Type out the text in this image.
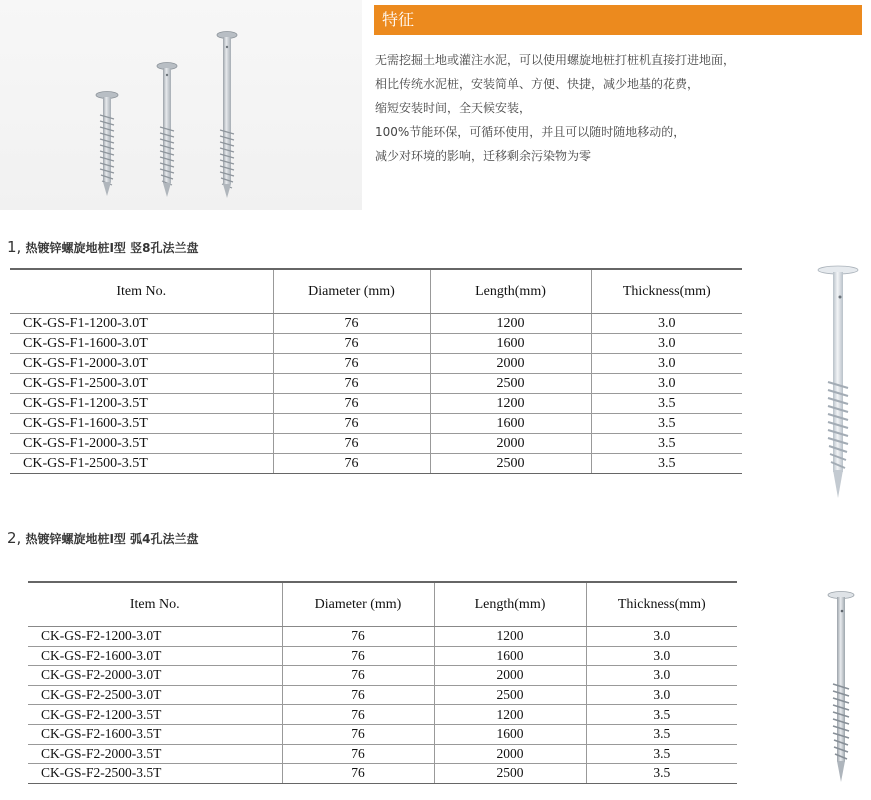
特征
无需挖掘土地或灌注水泥，可以使用螺旋地桩打桩机直接打进地面，
相比传统水泥桩，安装简单、方便、快捷，减少地基的花费，
缩短安装时间，全天候安装，
100%节能环保，可循环使用，并且可以随时随地移动的，
减少对环境的影响，迁移剩余污染物为零
1, 热镀锌螺旋地桩I型 竖8孔法兰盘
Item No.	Diameter (mm)	Length(mm)	Thickness(mm)
CK-GS-F1-1200-3.0T	76	1200	3.0
CK-GS-F1-1600-3.0T	76	1600	3.0
CK-GS-F1-2000-3.0T	76	2000	3.0
CK-GS-F1-2500-3.0T	76	2500	3.0
CK-GS-F1-1200-3.5T	76	1200	3.5
CK-GS-F1-1600-3.5T	76	1600	3.5
CK-GS-F1-2000-3.5T	76	2000	3.5
CK-GS-F1-2500-3.5T	76	2500	3.5
2, 热镀锌螺旋地桩I型 弧4孔法兰盘
Item No.	Diameter (mm)	Length(mm)	Thickness(mm)
CK-GS-F2-1200-3.0T	76	1200	3.0
CK-GS-F2-1600-3.0T	76	1600	3.0
CK-GS-F2-2000-3.0T	76	2000	3.0
CK-GS-F2-2500-3.0T	76	2500	3.0
CK-GS-F2-1200-3.5T	76	1200	3.5
CK-GS-F2-1600-3.5T	76	1600	3.5
CK-GS-F2-2000-3.5T	76	2000	3.5
CK-GS-F2-2500-3.5T	76	2500	3.5
